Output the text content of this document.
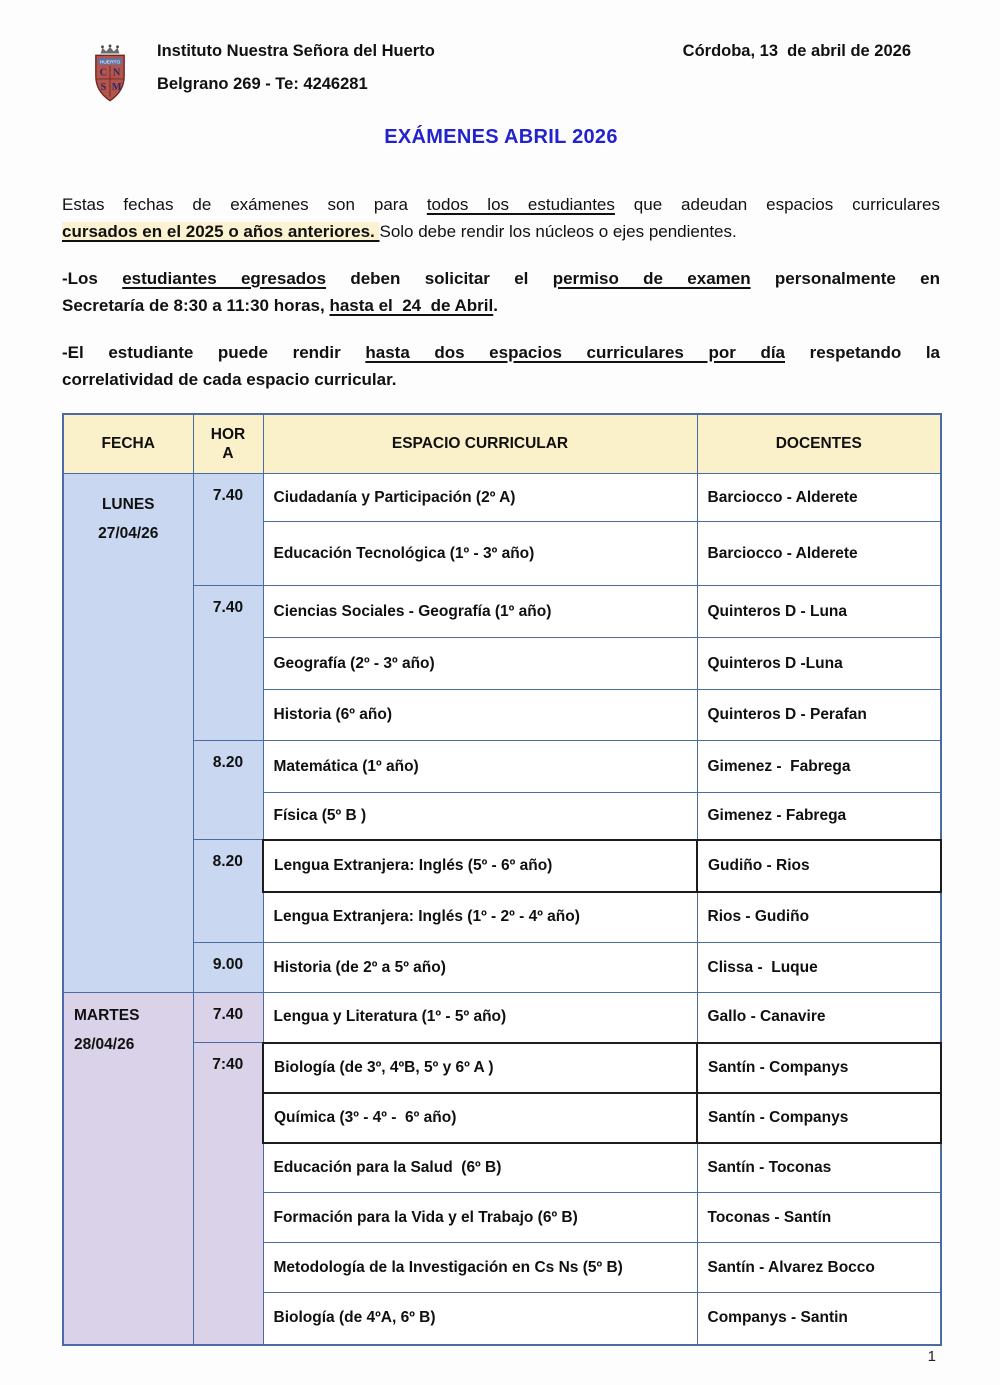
HUERTO
C N
S M
Instituto Nuestra Señora del Huerto	Córdoba, 13  de abril de 2026
Belgrano 269 - Te: 4246281
EXÁMENES ABRIL 2026
Estas fechas de exámenes son para todos los estudiantes que adeudan espacios curriculares
cursados en el 2025 o años anteriores. Solo debe rendir los núcleos o ejes pendientes.
-Los estudiantes egresados deben solicitar el permiso de examen personalmente en
Secretaría de 8:30 a 11:30 horas, hasta el  24  de Abril.
-El estudiante puede rendir hasta dos espacios curriculares por día respetando la
correlatividad de cada espacio curricular.
FECHA	HORA	ESPACIO CURRICULAR	DOCENTES

LUNES
27/04/26	7.40	Ciudadanía y Participación (2º A)	Barciocco - Alderete
		Educación Tecnológica (1º - 3º año)	Barciocco - Alderete
	7.40	Ciencias Sociales - Geografía (1º año)	Quinteros D - Luna
		Geografía (2º - 3º año)	Quinteros D -Luna
		Historia (6º año)	Quinteros D - Perafan
	8.20	Matemática (1º año)	Gimenez -  Fabrega
		Física (5º B )	Gimenez - Fabrega
	8.20	Lengua Extranjera: Inglés (5º - 6º año)	Gudiño - Rios
		Lengua Extranjera: Inglés (1º - 2º - 4º año)	Rios - Gudiño
	9.00	Historia (de 2º a 5º año)	Clissa -  Luque

MARTES
28/04/26	7.40	Lengua y Literatura (1º - 5º año)	Gallo - Canavire
	7:40	Biología (de 3º, 4ºB, 5º y 6º A )	Santín - Companys
		Química (3º - 4º -  6º año)	Santín - Companys
		Educación para la Salud  (6º B)	Santín - Toconas
		Formación para la Vida y el Trabajo (6º B)	Toconas - Santín
		Metodología de la Investigación en Cs Ns (5º B)	Santín - Alvarez Bocco
		Biología (de 4ºA, 6º B)	Companys - Santin
1
